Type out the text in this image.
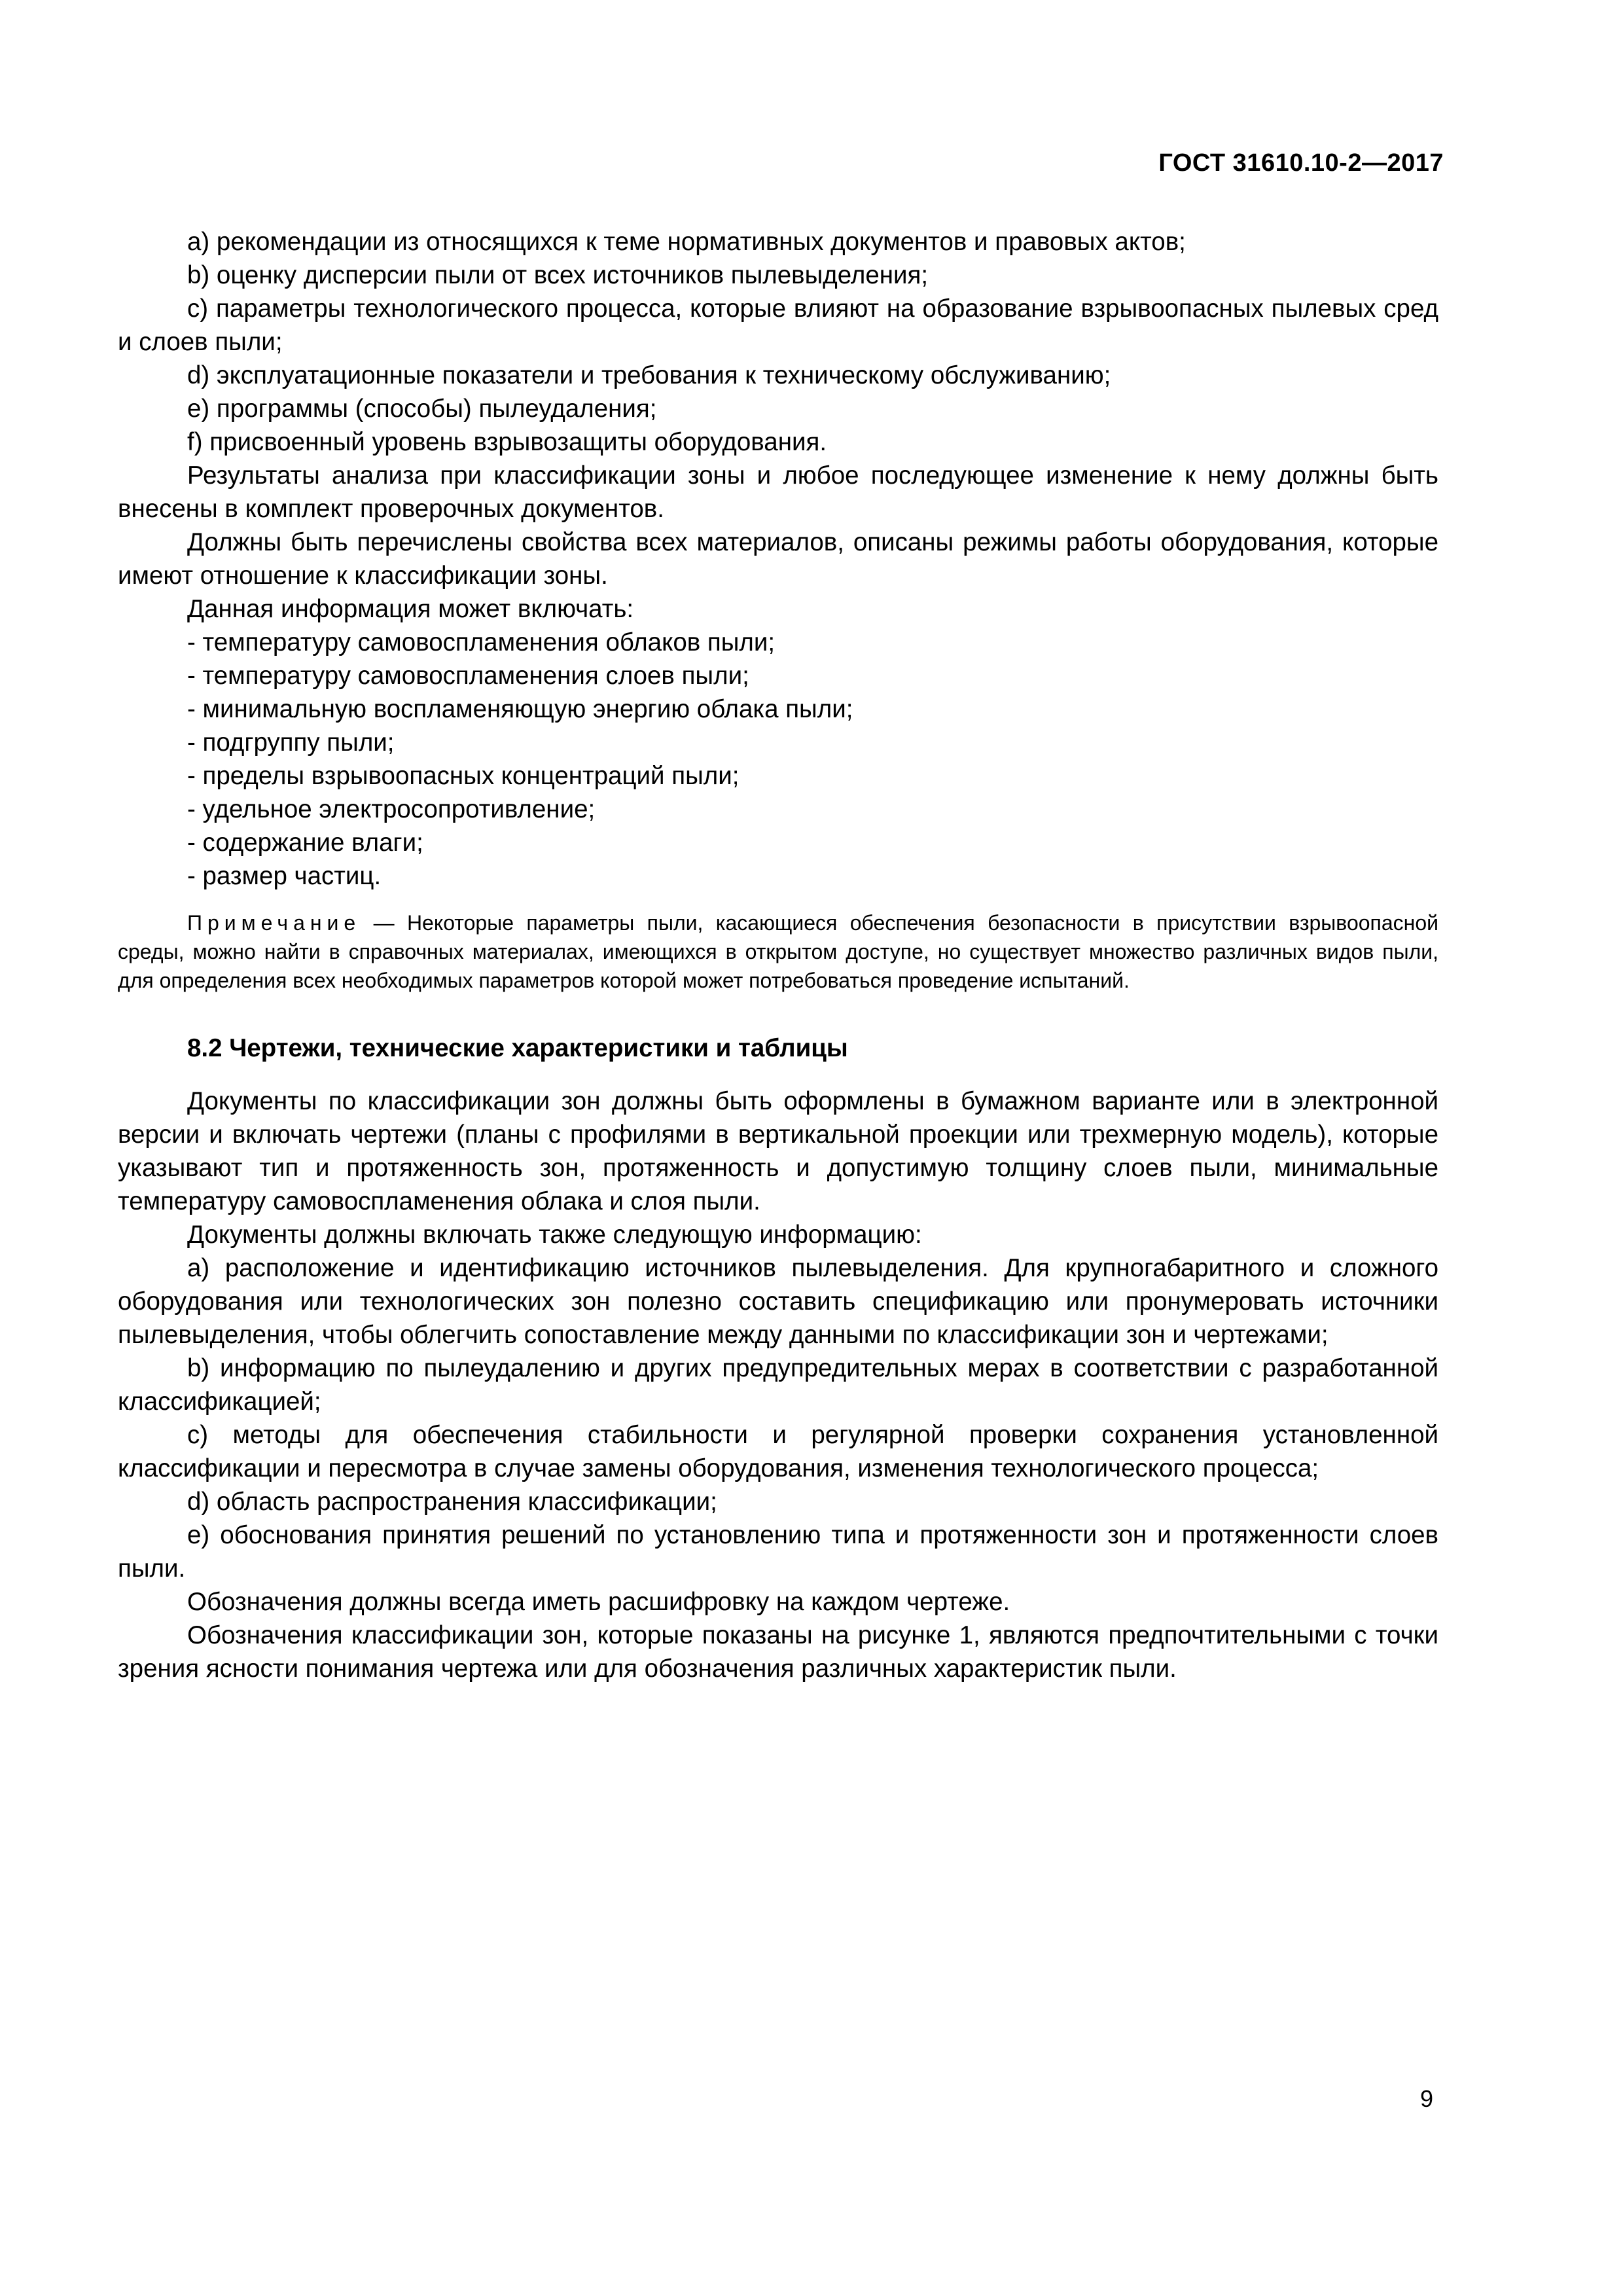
ГОСТ 31610.10-2—2017

а) рекомендации из относящихся к теме нормативных документов и правовых актов;

b) оценку дисперсии пыли от всех источников пылевыделения;

с) параметры технологического процесса, которые влияют на образование взрывоопасных пылевых сред и слоев пыли;

d) эксплуатационные показатели и требования к техническому обслуживанию;

е) программы (способы) пылеудаления;

f) присвоенный уровень взрывозащиты оборудования.

Результаты анализа при классификации зоны и любое последующее изменение к нему должны быть внесены в комплект проверочных документов.

Должны быть перечислены свойства всех материалов, описаны режимы работы оборудования, которые имеют отношение к классификации зоны.

Данная информация может включать:

- температуру самовоспламенения облаков пыли;

- температуру самовоспламенения слоев пыли;

- минимальную воспламеняющую энергию облака пыли;

- подгруппу пыли;

- пределы взрывоопасных концентраций пыли;

- удельное электросопротивление;

- содержание влаги;

- размер частиц.

Примечание — Некоторые параметры пыли, касающиеся обеспечения безопасности в присутствии взрывоопасной среды, можно найти в справочных материалах, имеющихся в открытом доступе, но существует множество различных видов пыли, для определения всех необходимых параметров которой может потребоваться проведение испытаний.

8.2 Чертежи, технические характеристики и таблицы

Документы по классификации зон должны быть оформлены в бумажном варианте или в электронной версии и включать чертежи (планы с профилями в вертикальной проекции или трехмерную модель), которые указывают тип и протяженность зон, протяженность и допустимую толщину слоев пыли, минимальные температуру самовоспламенения облака и слоя пыли.

Документы должны включать также следующую информацию:

а) расположение и идентификацию источников пылевыделения. Для крупногабаритного и сложного оборудования или технологических зон полезно составить спецификацию или пронумеровать источники пылевыделения, чтобы облегчить сопоставление между данными по классификации зон и чертежами;

b) информацию по пылеудалению и других предупредительных мерах в соответствии с разработанной классификацией;

с) методы для обеспечения стабильности и регулярной проверки сохранения установленной классификации и пересмотра в случае замены оборудования, изменения технологического процесса;

d) область распространения классификации;

е) обоснования принятия решений по установлению типа и протяженности зон и протяженности слоев пыли.

Обозначения должны всегда иметь расшифровку на каждом чертеже.

Обозначения классификации зон, которые показаны на рисунке 1, являются предпочтительными с точки зрения ясности понимания чертежа или для обозначения различных характеристик пыли.

9
